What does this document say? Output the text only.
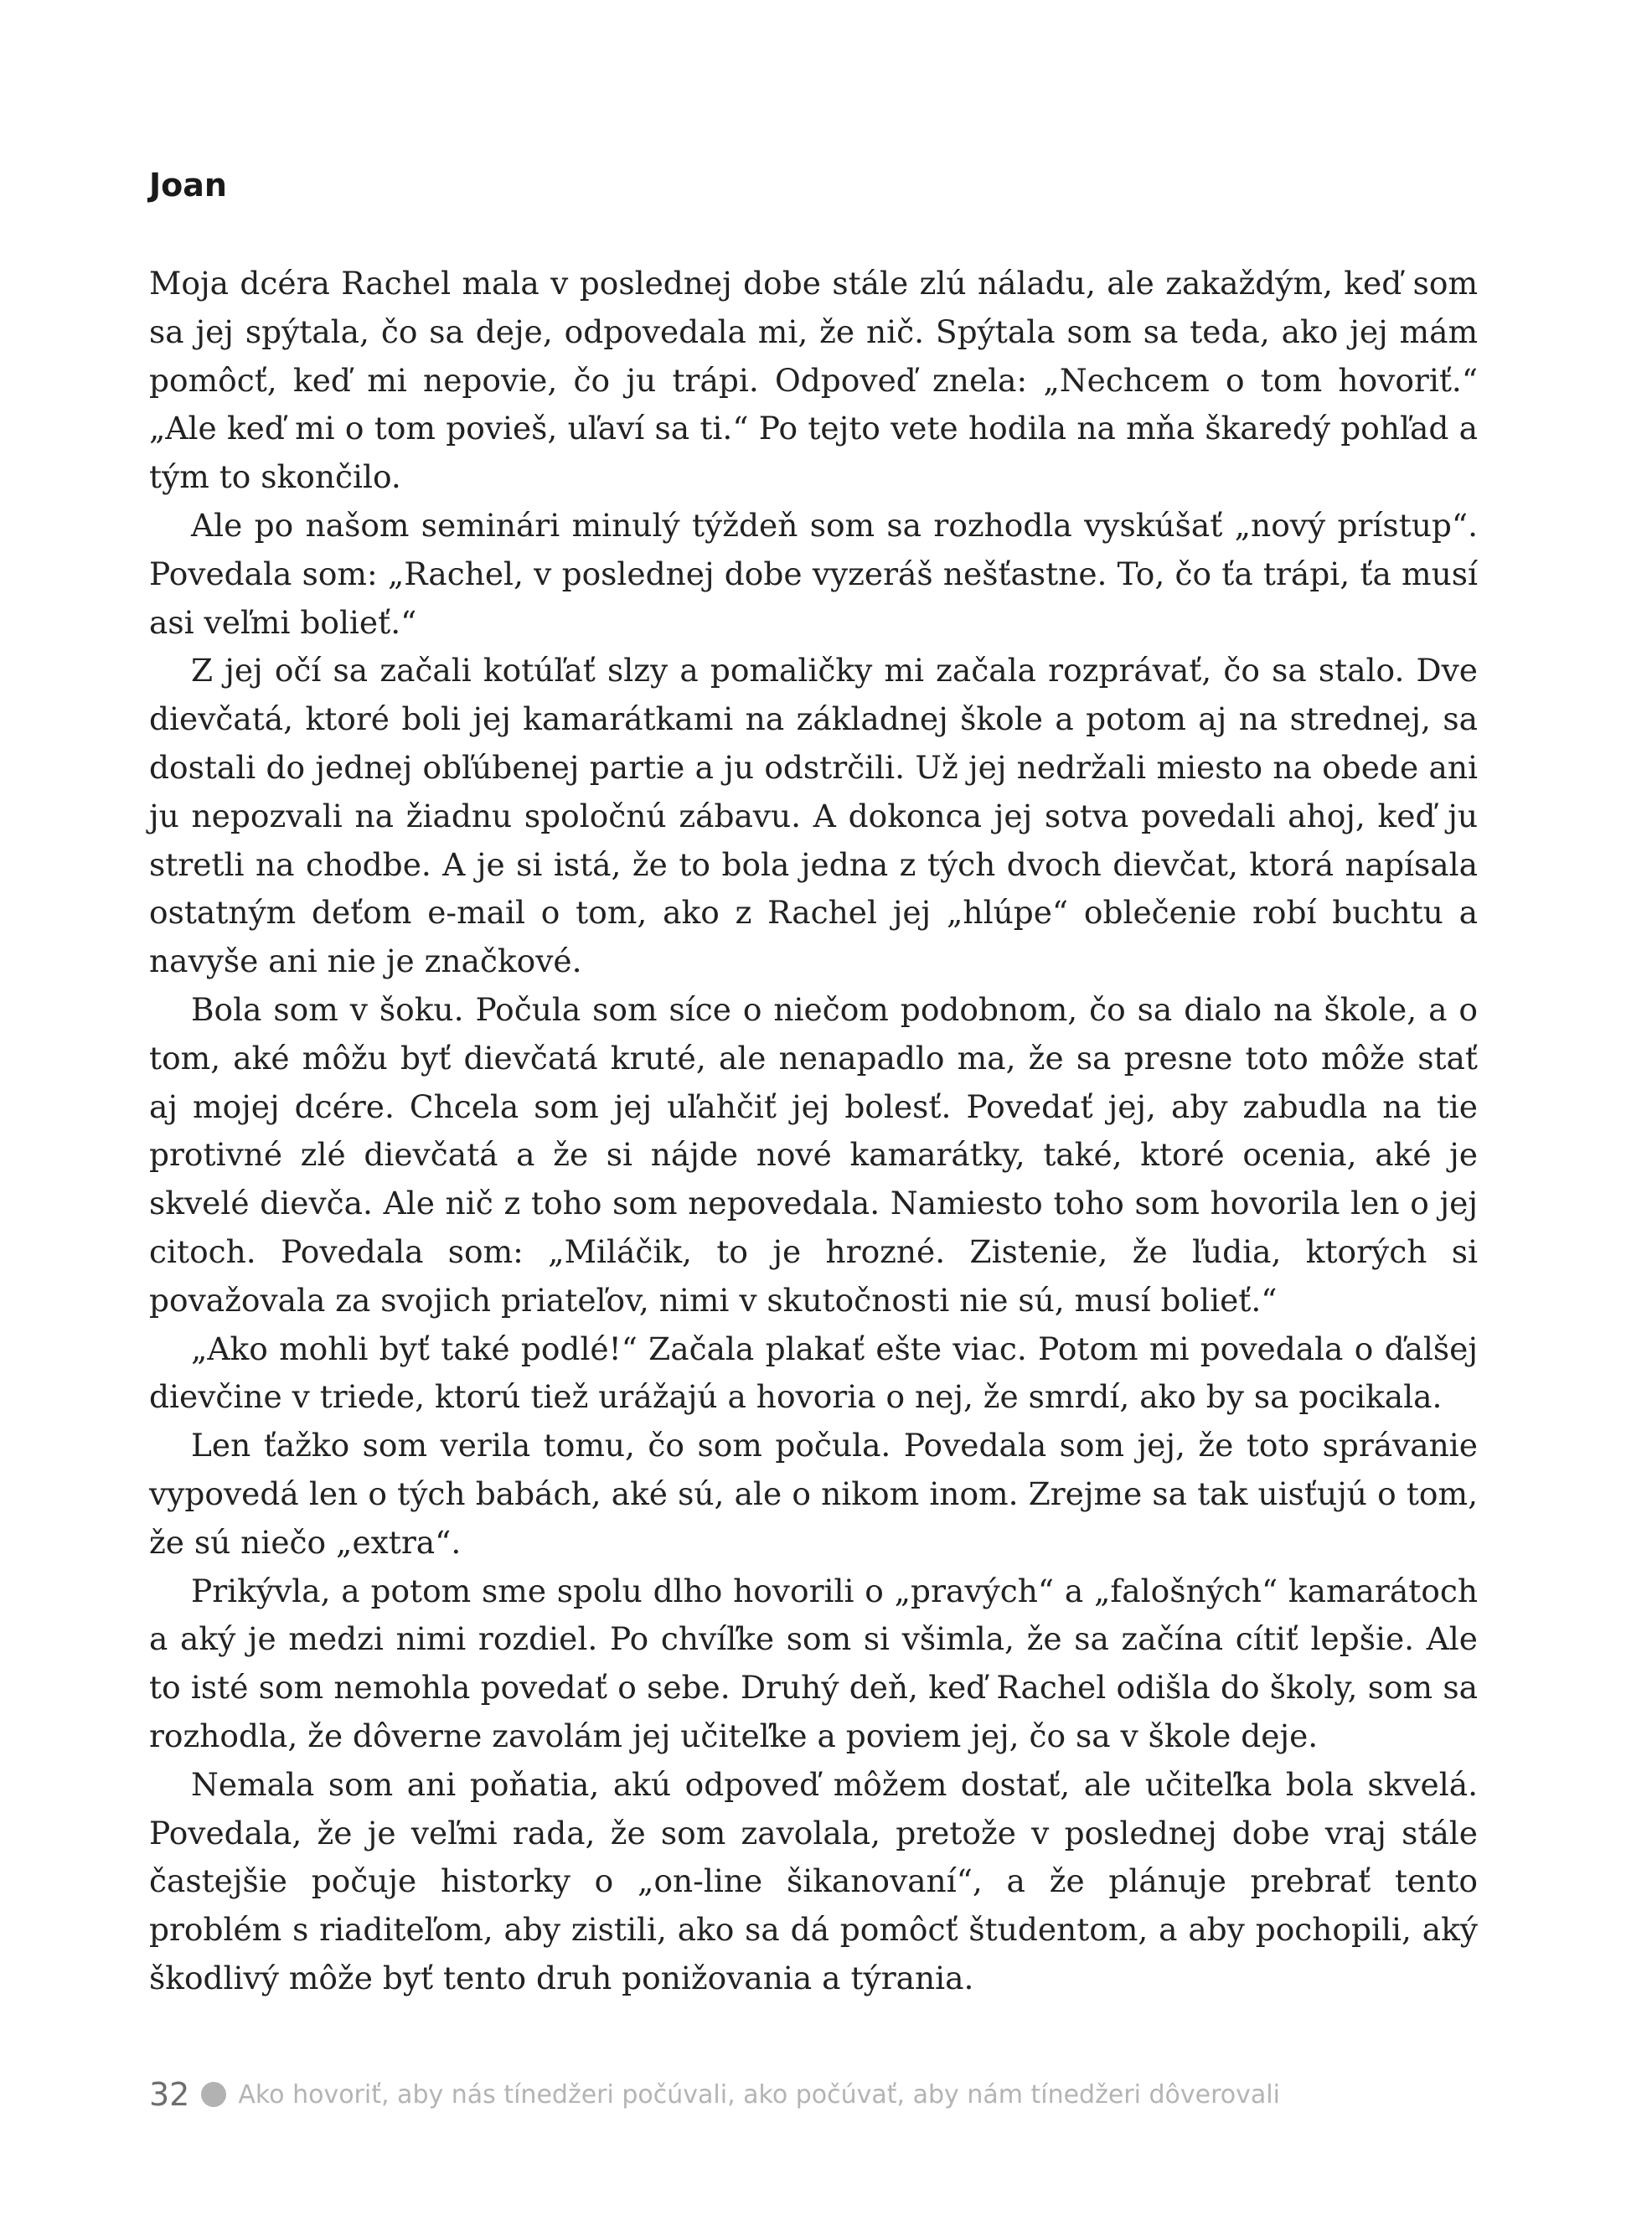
Joan

Moja dcéra Rachel mala v poslednej dobe stále zlú náladu, ale zakaždým, keď som sa jej spýtala, čo sa deje, odpovedala mi, že nič. Spýtala som sa teda, ako jej mám pomôcť, keď mi nepovie, čo ju trápi. Odpoveď znela: „Nechcem o tom hovoriť.“ „Ale keď mi o tom povieš, uľaví sa ti.“ Po tejto vete hodila na mňa škaredý pohľad a tým to skončilo.

Ale po našom seminári minulý týždeň som sa rozhodla vyskúšať „nový prístup“. Povedala som: „Rachel, v poslednej dobe vyzeráš nešťastne. To, čo ťa trápi, ťa musí asi veľmi bolieť.“

Z jej očí sa začali kotúľať slzy a pomaličky mi začala rozprávať, čo sa stalo. Dve dievčatá, ktoré boli jej kamarátkami na základnej škole a potom aj na strednej, sa dostali do jednej obľúbenej partie a ju odstrčili. Už jej nedržali miesto na obede ani ju nepozvali na žiadnu spoločnú zábavu. A dokonca jej sotva povedali ahoj, keď ju stretli na chodbe. A je si istá, že to bola jedna z tých dvoch dievčat, ktorá napísala ostatným deťom e-mail o tom, ako z Rachel jej „hlúpe“ oblečenie robí buchtu a navyše ani nie je značkové.

Bola som v šoku. Počula som síce o niečom podobnom, čo sa dialo na škole, a o tom, aké môžu byť dievčatá kruté, ale nenapadlo ma, že sa presne toto môže stať aj mojej dcére. Chcela som jej uľahčiť jej bolesť. Povedať jej, aby zabudla na tie protivné zlé dievčatá a že si nájde nové kamarátky, také, ktoré ocenia, aké je skvelé dievča. Ale nič z toho som nepovedala. Namiesto toho som hovorila len o jej citoch. Povedala som: „Miláčik, to je hrozné. Zistenie, že ľudia, ktorých si považovala za svojich priateľov, nimi v skutočnosti nie sú, musí bolieť.“

„Ako mohli byť také podlé!“ Začala plakať ešte viac. Potom mi povedala o ďalšej dievčine v triede, ktorú tiež urážajú a hovoria o nej, že smrdí, ako by sa pocikala.

Len ťažko som verila tomu, čo som počula. Povedala som jej, že toto správanie vypovedá len o tých babách, aké sú, ale o nikom inom. Zrejme sa tak uisťujú o tom, že sú niečo „extra“.

Prikývla, a potom sme spolu dlho hovorili o „pravých“ a „falošných“ kamarátoch a aký je medzi nimi rozdiel. Po chvíľke som si všimla, že sa začína cítiť lepšie. Ale to isté som nemohla povedať o sebe. Druhý deň, keď Rachel odišla do školy, som sa rozhodla, že dôverne zavolám jej učiteľke a poviem jej, čo sa v škole deje.

Nemala som ani poňatia, akú odpoveď môžem dostať, ale učiteľka bola skvelá. Povedala, že je veľmi rada, že som zavolala, pretože v poslednej dobe vraj stále častejšie počuje historky o „on-line šikanovaní“, a že plánuje prebrať tento problém s riaditeľom, aby zistili, ako sa dá pomôcť študentom, a aby pochopili, aký škodlivý môže byť tento druh ponižovania a týrania.

32 Ako hovoriť, aby nás tínedžeri počúvali, ako počúvať, aby nám tínedžeri dôverovali
